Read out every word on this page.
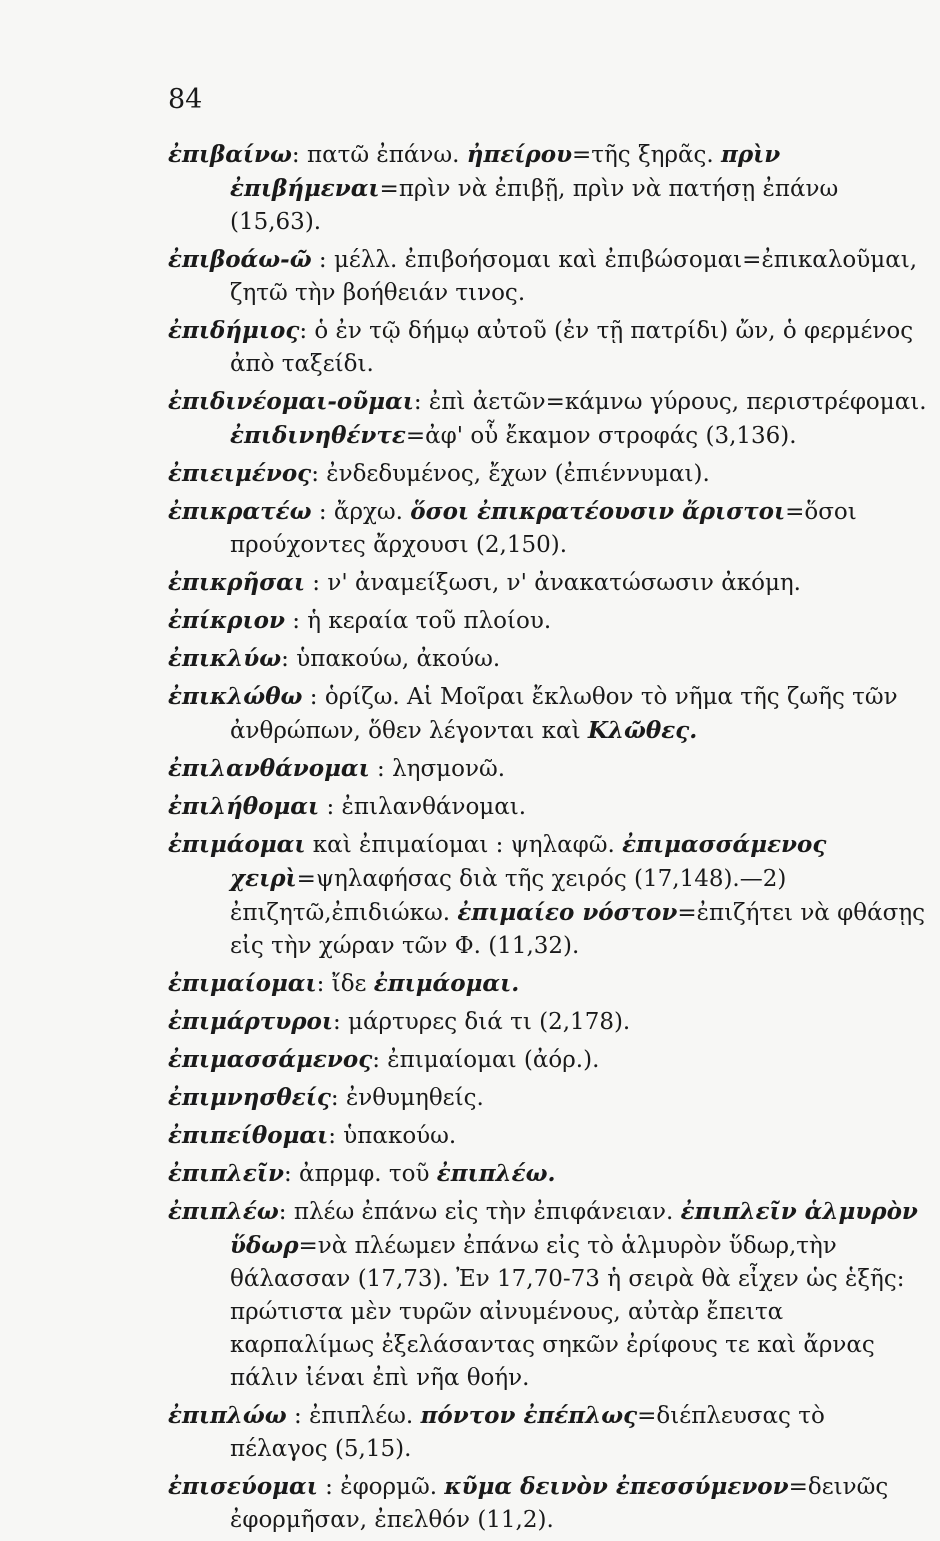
84

ἐπιβαίνω: πατῶ ἐπάνω. ἠπείρου=τῆς ξηρᾶς. πρὶν ἐπιβήμεναι=πρὶν νὰ ἐπιβῇ, πρὶν νὰ πατήσῃ ἐπάνω (15,63).

ἐπιβοάω-ῶ : μέλλ. ἐπιβοήσομαι καὶ ἐπιβώσομαι=ἐπικαλοῦμαι, ζητῶ τὴν βοήθειάν τινος.

ἐπιδήμιος: ὁ ἐν τῷ δήμῳ αὐτοῦ (ἐν τῇ πατρίδι) ὤν, ὁ φερμένος ἀπὸ ταξείδι.

ἐπιδινέομαι-οῦμαι: ἐπὶ ἀετῶν=κάμνω γύρους, περιστρέφομαι. ἐπιδινηθέντε=ἀφ' οὗ ἔκαμον στροφάς (3,136).

ἐπιειμένος: ἐνδεδυμένος, ἔχων (ἐπιέννυμαι).

ἐπικρατέω : ἄρχω. ὅσοι ἐπικρατέουσιν ἄριστοι=ὅσοι προύχοντες ἄρχουσι (2,150).

ἐπικρῆσαι : ν' ἀναμείξωσι, ν' ἀνακατώσωσιν ἀκόμη.

ἐπίκριον : ἡ κεραία τοῦ πλοίου.

ἐπικλύω: ὑπακούω, ἀκούω.

ἐπικλώθω : ὁρίζω. Αἱ Μοῖραι ἔκλωθον τὸ νῆμα τῆς ζωῆς τῶν ἀνθρώπων, ὅθεν λέγονται καὶ Κλῶθες.

ἐπιλανθάνομαι : λησμονῶ.

ἐπιλήθομαι : ἐπιλανθάνομαι.

ἐπιμάομαι καὶ ἐπιμαίομαι : ψηλαφῶ. ἐπιμασσάμενος χειρὶ=ψηλαφήσας διὰ τῆς χειρός (17,148).—2) ἐπιζητῶ,ἐπιδιώκω. ἐπιμαίεο νόστον=ἐπιζήτει νὰ φθάσῃς εἰς τὴν χώραν τῶν Φ. (11,32).

ἐπιμαίομαι: ἴδε ἐπιμάομαι.

ἐπιμάρτυροι: μάρτυρες διά τι (2,178).

ἐπιμασσάμενος: ἐπιμαίομαι (ἀόρ.).

ἐπιμνησθείς: ἐνθυμηθείς.

ἐπιπείθομαι: ὑπακούω.

ἐπιπλεῖν: ἀπρμφ. τοῦ ἐπιπλέω.

ἐπιπλέω: πλέω ἐπάνω εἰς τὴν ἐπιφάνειαν. ἐπιπλεῖν ἁλμυρὸν ὕδωρ=νὰ πλέωμεν ἐπάνω εἰς τὸ ἁλμυρὸν ὕδωρ,τὴν θάλασσαν (17,73). Ἐν 17,70-73 ἡ σειρὰ θὰ εἶχεν ὡς ἑξῆς: πρώτιστα μὲν τυρῶν αἰνυμένους, αὐτὰρ ἔπειτα καρπαλίμως ἐξελάσαντας σηκῶν ἐρίφους τε καὶ ἄρνας πάλιν ἰέναι ἐπὶ νῆα θοήν.

ἐπιπλώω : ἐπιπλέω. πόντον ἐπέπλως=διέπλευσας τὸ πέλαγος (5,15).

ἐπισεύομαι : ἐφορμῶ. κῦμα δεινὸν ἐπεσσύμενον=δεινῶς ἐφορμῆσαν, ἐπελθόν (11,2).
